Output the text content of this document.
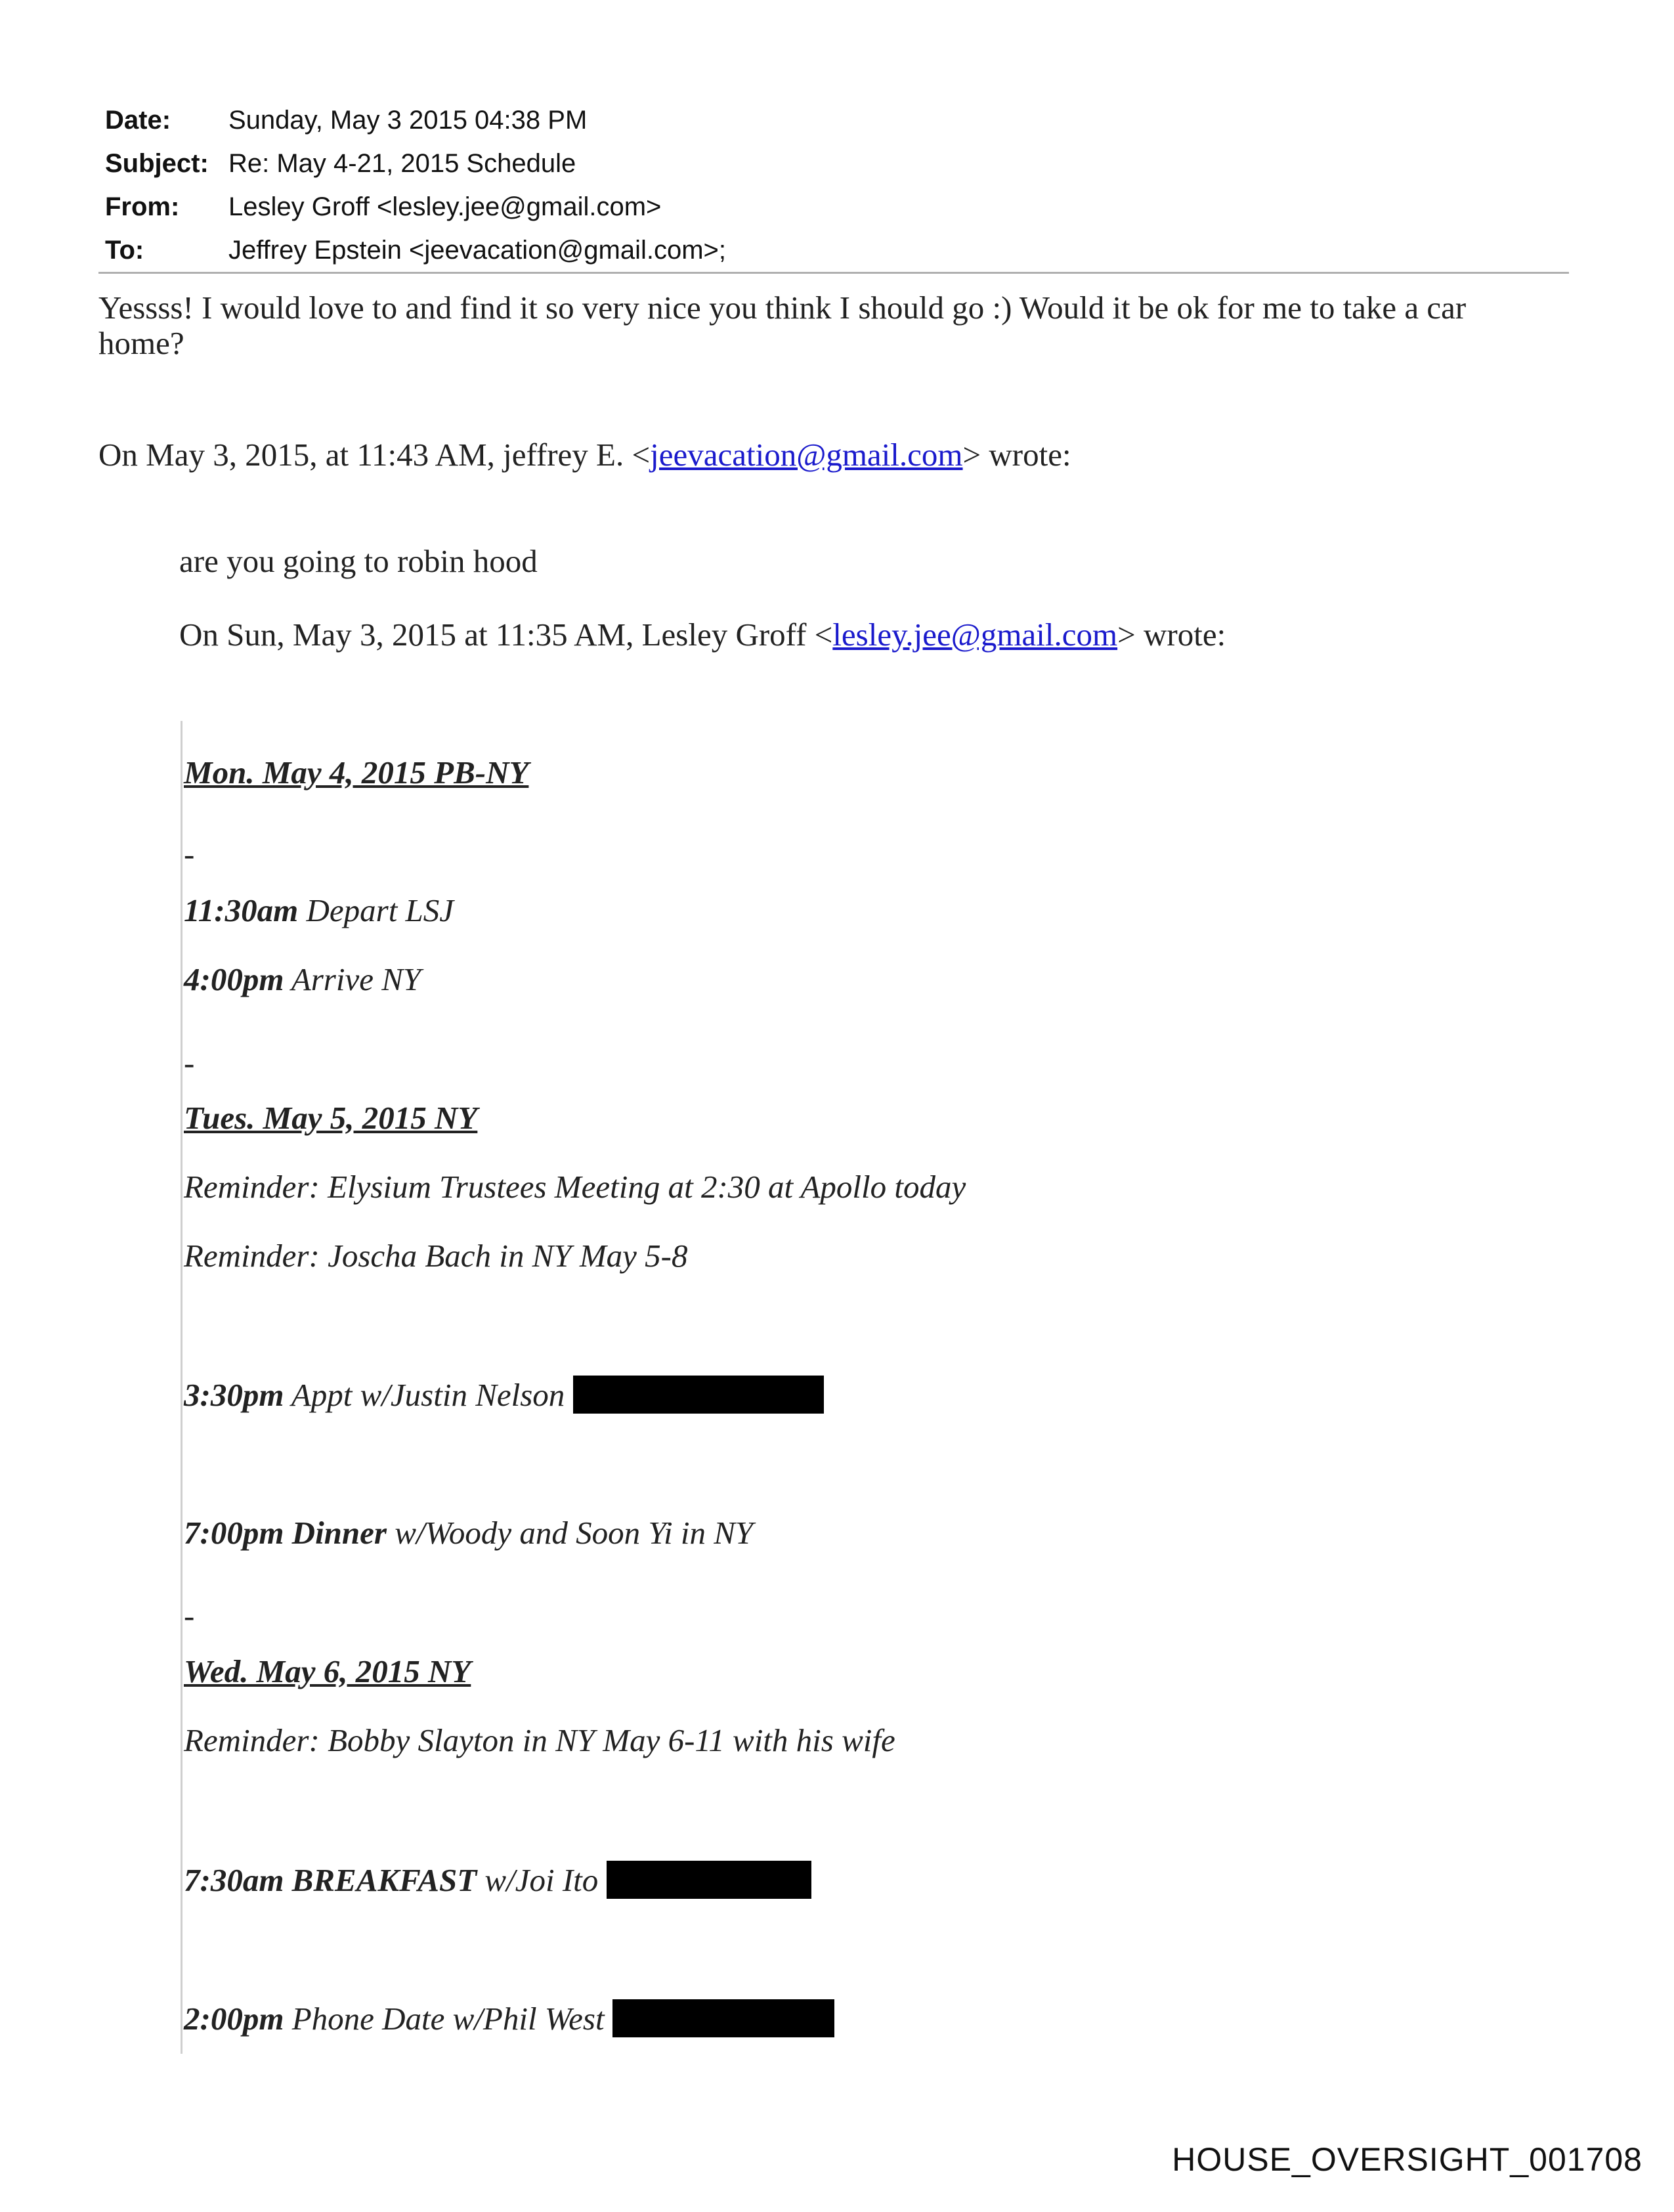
Date:	Sunday, May 3 2015 04:38 PM
Subject: Re: May 4-21, 2015 Schedule
From:	Lesley Groff <lesley.jee@gmail.com>
To:	Jeffrey Epstein <jeevacation@gmail.com>;
Yessss! I would love to and find it so very nice you think I should go :) Would it be ok for me to take a car
home?
On May 3, 2015, at 11:43 AM, jeffrey E. <jeevacation@gmail.com> wrote:
are you going to robin hood
On Sun, May 3, 2015 at 11:35 AM, Lesley Groff <lesley.jee@gmail.com> wrote:
Mon. May 4, 2015 PB-NY
-
11:30am Depart LSJ
4:00pm Arrive NY
-
Tues. May 5, 2015 NY
Reminder: Elysium Trustees Meeting at 2:30 at Apollo today
Reminder: Joscha Bach in NY May 5-8
3:30pm Appt w/Justin Nelson
7:00pm Dinner w/Woody and Soon Yi in NY
-
Wed. May 6, 2015 NY
Reminder: Bobby Slayton in NY May 6-11 with his wife
7:30am BREAKFAST w/Joi Ito
2:00pm Phone Date w/Phil West
HOUSE_OVERSIGHT_001708
